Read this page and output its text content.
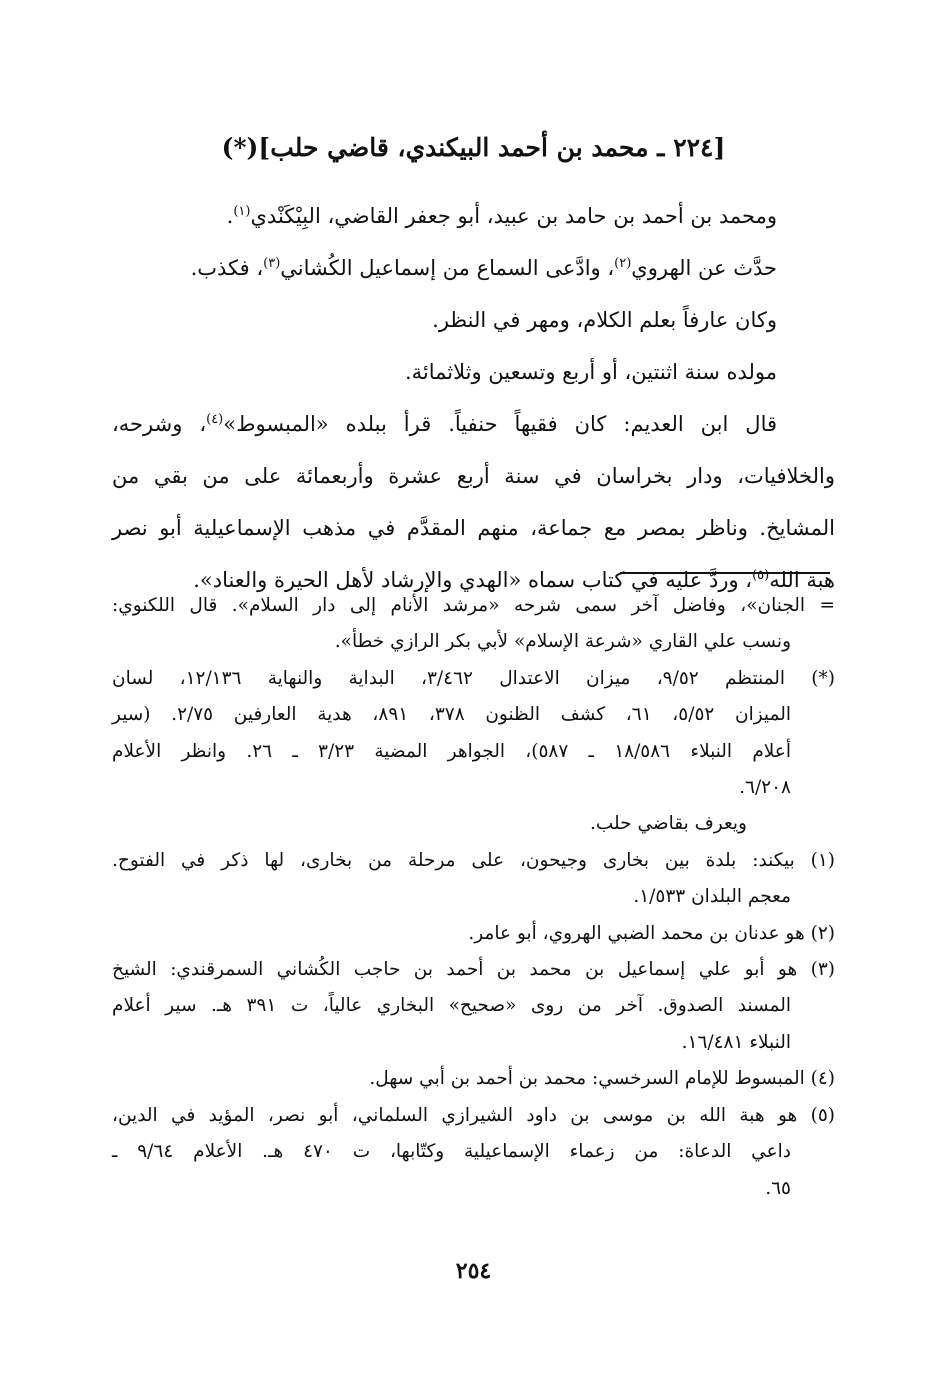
[٢٢٤ ـ محمد بن أحمد البيكندي، قاضي حلب](*)
ومحمد بن أحمد بن حامد بن عبيد، أبو جعفر القاضي، البِيْكَنْدي$^{(١)}$.
حدَّث عن الهروي$^{(٢)}$، وادَّعى السماع من إسماعيل الكُشاني$^{(٣)}$، فكذب.
وكان عارفاً بعلم الكلام، ومهر في النظر.
مولده سنة اثنتين، أو أربع وتسعين وثلاثمائة.
قال ابن العديم: كان فقيهاً حنفياً. قرأ ببلده «المبسوط»$^{(٤)}$، وشرحه،
والخلافيات، ودار بخراسان في سنة أربع عشرة وأربعمائة على من بقي من
المشايخ. وناظر بمصر مع جماعة، منهم المقدَّم في مذهب الإسماعيلية أبو نصر
هبة الله$^{(٥)}$، وردَّ عليه في كتاب سماه «الهدي والإرشاد لأهل الحيرة والعناد».
= الجنان»، وفاضل آخر سمى شرحه «مرشد الأنام إلى دار السلام». قال اللكنوي:
ونسب علي القاري «شرعة الإسلام» لأبي بكر الرازي خطأ».
(*) المنتظم ٩/٥٢، ميزان الاعتدال ٣/٤٦٢، البداية والنهاية ١٢/١٣٦، لسان
الميزان ٥/٥٢، ٦١، كشف الظنون ٣٧٨، ٨٩١، هدية العارفين ٢/٧٥. (سير
أعلام النبلاء ١٨/٥٨٦ ـ ٥٨٧)، الجواهر المضية ٣/٢٣ ـ ٢٦. وانظر الأعلام
٦/٢٠٨.
ويعرف بقاضي حلب.
(١) بيكند: بلدة بين بخارى وجيحون، على مرحلة من بخارى، لها ذكر في الفتوح.
معجم البلدان ١/٥٣٣.
(٢) هو عدنان بن محمد الضبي الهروي، أبو عامر.
(٣) هو أبو علي إسماعيل بن محمد بن أحمد بن حاجب الكُشاني السمرقندي: الشيخ
المسند الصدوق. آخر من روى «صحيح» البخاري عالياً، ت ٣٩١ هـ. سير أعلام
النبلاء ١٦/٤٨١.
(٤) المبسوط للإمام السرخسي: محمد بن أحمد بن أبي سهل.
(٥) هو هبة الله بن موسى بن داود الشيرازي السلماني، أبو نصر، المؤيد في الدين،
داعي الدعاة: من زعماء الإسماعيلية وكتّابها، ت ٤٧٠ هـ. الأعلام ٩/٦٤ ـ
٦٥.
٢٥٤
